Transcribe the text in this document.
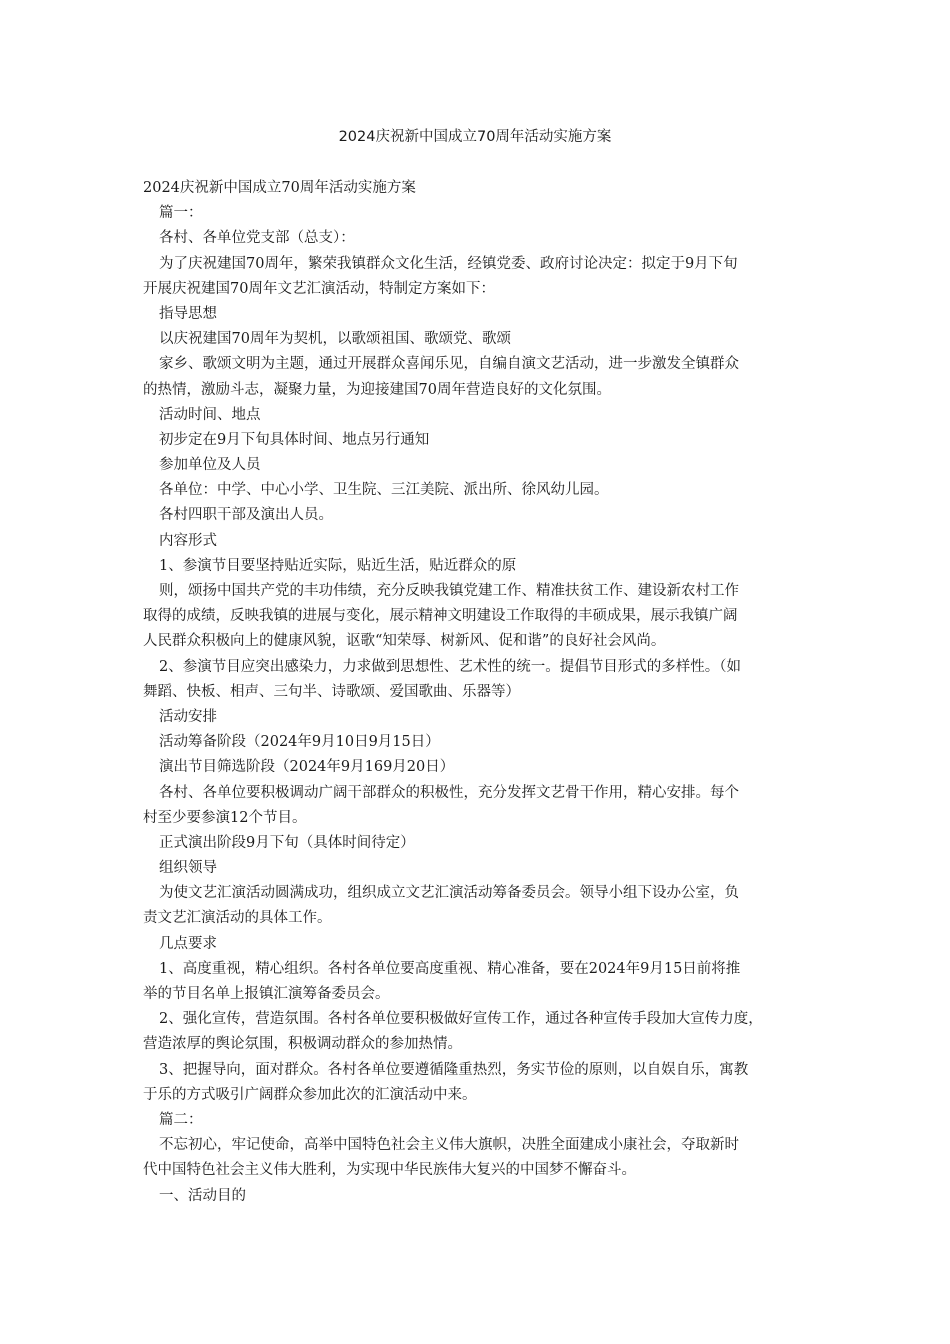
2024庆祝新中国成立70周年活动实施方案
2024庆祝新中国成立70周年活动实施方案
篇一：
各村、各单位党支部（总支）：
为了庆祝建国70周年，繁荣我镇群众文化生活，经镇党委、政府讨论决定：拟定于9月下旬
开展庆祝建国70周年文艺汇演活动，特制定方案如下：
指导思想
以庆祝建国70周年为契机，以歌颂祖国、歌颂党、歌颂
家乡、歌颂文明为主题，通过开展群众喜闻乐见，自编自演文艺活动，进一步激发全镇群众
的热情，激励斗志，凝聚力量，为迎接建国70周年营造良好的文化氛围。
活动时间、地点
初步定在9月下旬具体时间、地点另行通知
参加单位及人员
各单位：中学、中心小学、卫生院、三江美院、派出所、徐风幼儿园。
各村四职干部及演出人员。
内容形式
1、参演节目要坚持贴近实际，贴近生活，贴近群众的原
则，颂扬中国共产党的丰功伟绩，充分反映我镇党建工作、精准扶贫工作、建设新农村工作
取得的成绩，反映我镇的进展与变化，展示精神文明建设工作取得的丰硕成果，展示我镇广阔
人民群众积极向上的健康风貌，讴歌“知荣辱、树新风、促和谐”的良好社会风尚。
2、参演节目应突出感染力，力求做到思想性、艺术性的统一。提倡节目形式的多样性。（如
舞蹈、快板、相声、三句半、诗歌颂、爱国歌曲、乐器等）
活动安排
活动筹备阶段（2024年9月10日9月15日）
演出节目筛选阶段（2024年9月169月20日）
各村、各单位要积极调动广阔干部群众的积极性，充分发挥文艺骨干作用，精心安排。每个
村至少要参演12个节目。
正式演出阶段9月下旬（具体时间待定）
组织领导
为使文艺汇演活动圆满成功，组织成立文艺汇演活动筹备委员会。领导小组下设办公室，负
责文艺汇演活动的具体工作。
几点要求
1、高度重视，精心组织。各村各单位要高度重视、精心准备，要在2024年9月15日前将推
举的节目名单上报镇汇演筹备委员会。
2、强化宣传，营造氛围。各村各单位要积极做好宣传工作，通过各种宣传手段加大宣传力度，
营造浓厚的舆论氛围，积极调动群众的参加热情。
3、把握导向，面对群众。各村各单位要遵循隆重热烈，务实节俭的原则，以自娱自乐，寓教
于乐的方式吸引广阔群众参加此次的汇演活动中来。
篇二：
不忘初心，牢记使命，高举中国特色社会主义伟大旗帜，决胜全面建成小康社会，夺取新时
代中国特色社会主义伟大胜利，为实现中华民族伟大复兴的中国梦不懈奋斗。
一、活动目的
